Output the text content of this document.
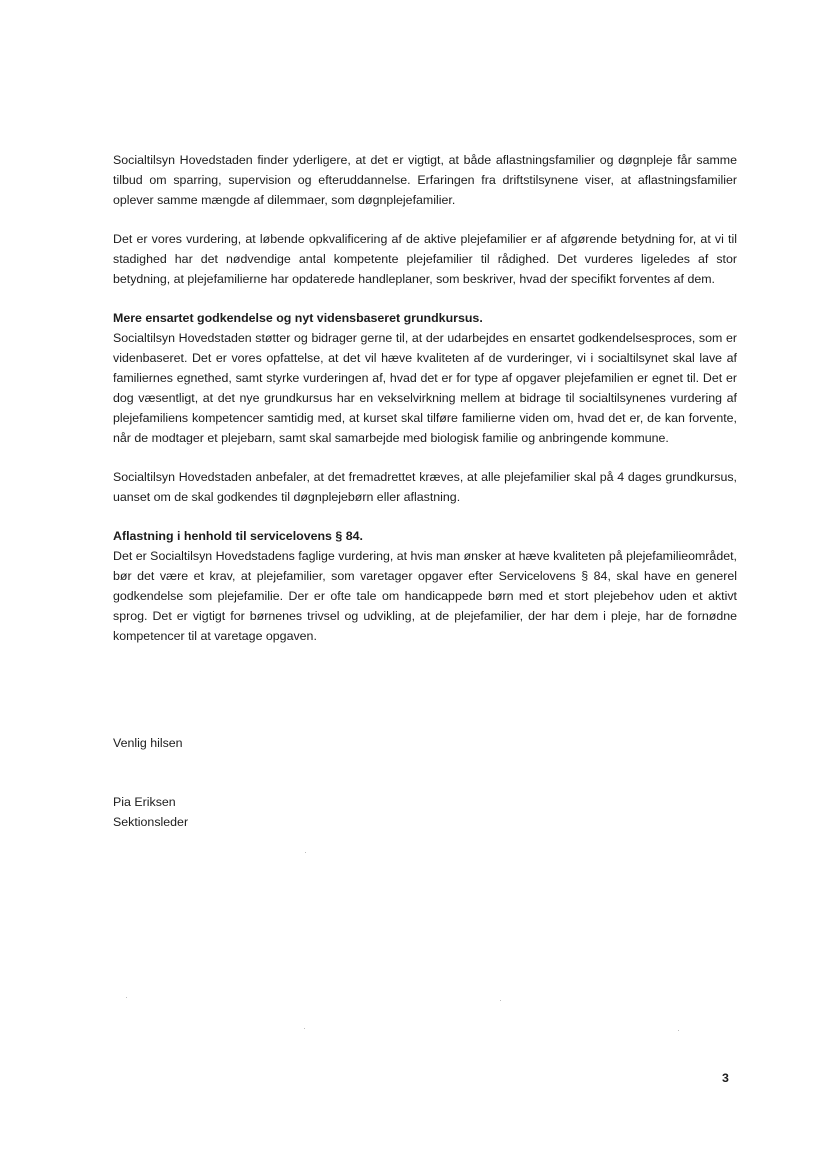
Socialtilsyn Hovedstaden finder yderligere, at det er vigtigt, at både aflastningsfamilier og døgnpleje får samme tilbud om sparring, supervision og efteruddannelse. Erfaringen fra driftstilsynene viser, at aflastningsfamilier oplever samme mængde af dilemmaer, som døgnplejefamilier.

Det er vores vurdering, at løbende opkvalificering af de aktive plejefamilier er af afgørende betydning for, at vi til stadighed har det nødvendige antal kompetente plejefamilier til rådighed. Det vurderes ligeledes af stor betydning, at plejefamilierne har opdaterede handleplaner, som beskriver, hvad der specifikt forventes af dem.

Mere ensartet godkendelse og nyt vidensbaseret grundkursus.

Socialtilsyn Hovedstaden støtter og bidrager gerne til, at der udarbejdes en ensartet godkendelsesproces, som er videnbaseret. Det er vores opfattelse, at det vil hæve kvaliteten af de vurderinger, vi i socialtilsynet skal lave af familiernes egnethed, samt styrke vurderingen af, hvad det er for type af opgaver plejefamilien er egnet til. Det er dog væsentligt, at det nye grundkursus har en vekselvirkning mellem at bidrage til socialtilsynenes vurdering af plejefamiliens kompetencer samtidig med, at kurset skal tilføre familierne viden om, hvad det er, de kan forvente, når de modtager et plejebarn, samt skal samarbejde med biologisk familie og anbringende kommune.

Socialtilsyn Hovedstaden anbefaler, at det fremadrettet kræves, at alle plejefamilier skal på 4 dages grundkursus, uanset om de skal godkendes til døgnplejebørn eller aflastning.

Aflastning i henhold til servicelovens § 84.

Det er Socialtilsyn Hovedstadens faglige vurdering, at hvis man ønsker at hæve kvaliteten på plejefamilieområdet, bør det være et krav, at plejefamilier, som varetager opgaver efter Servicelovens § 84, skal have en generel godkendelse som plejefamilie. Der er ofte tale om handicappede børn med et stort plejebehov uden et aktivt sprog. Det er vigtigt for børnenes trivsel og udvikling, at de plejefamilier, der har dem i pleje, har de fornødne kompetencer til at varetage opgaven.

Venlig hilsen
Pia Eriksen
Sektionsleder
3
